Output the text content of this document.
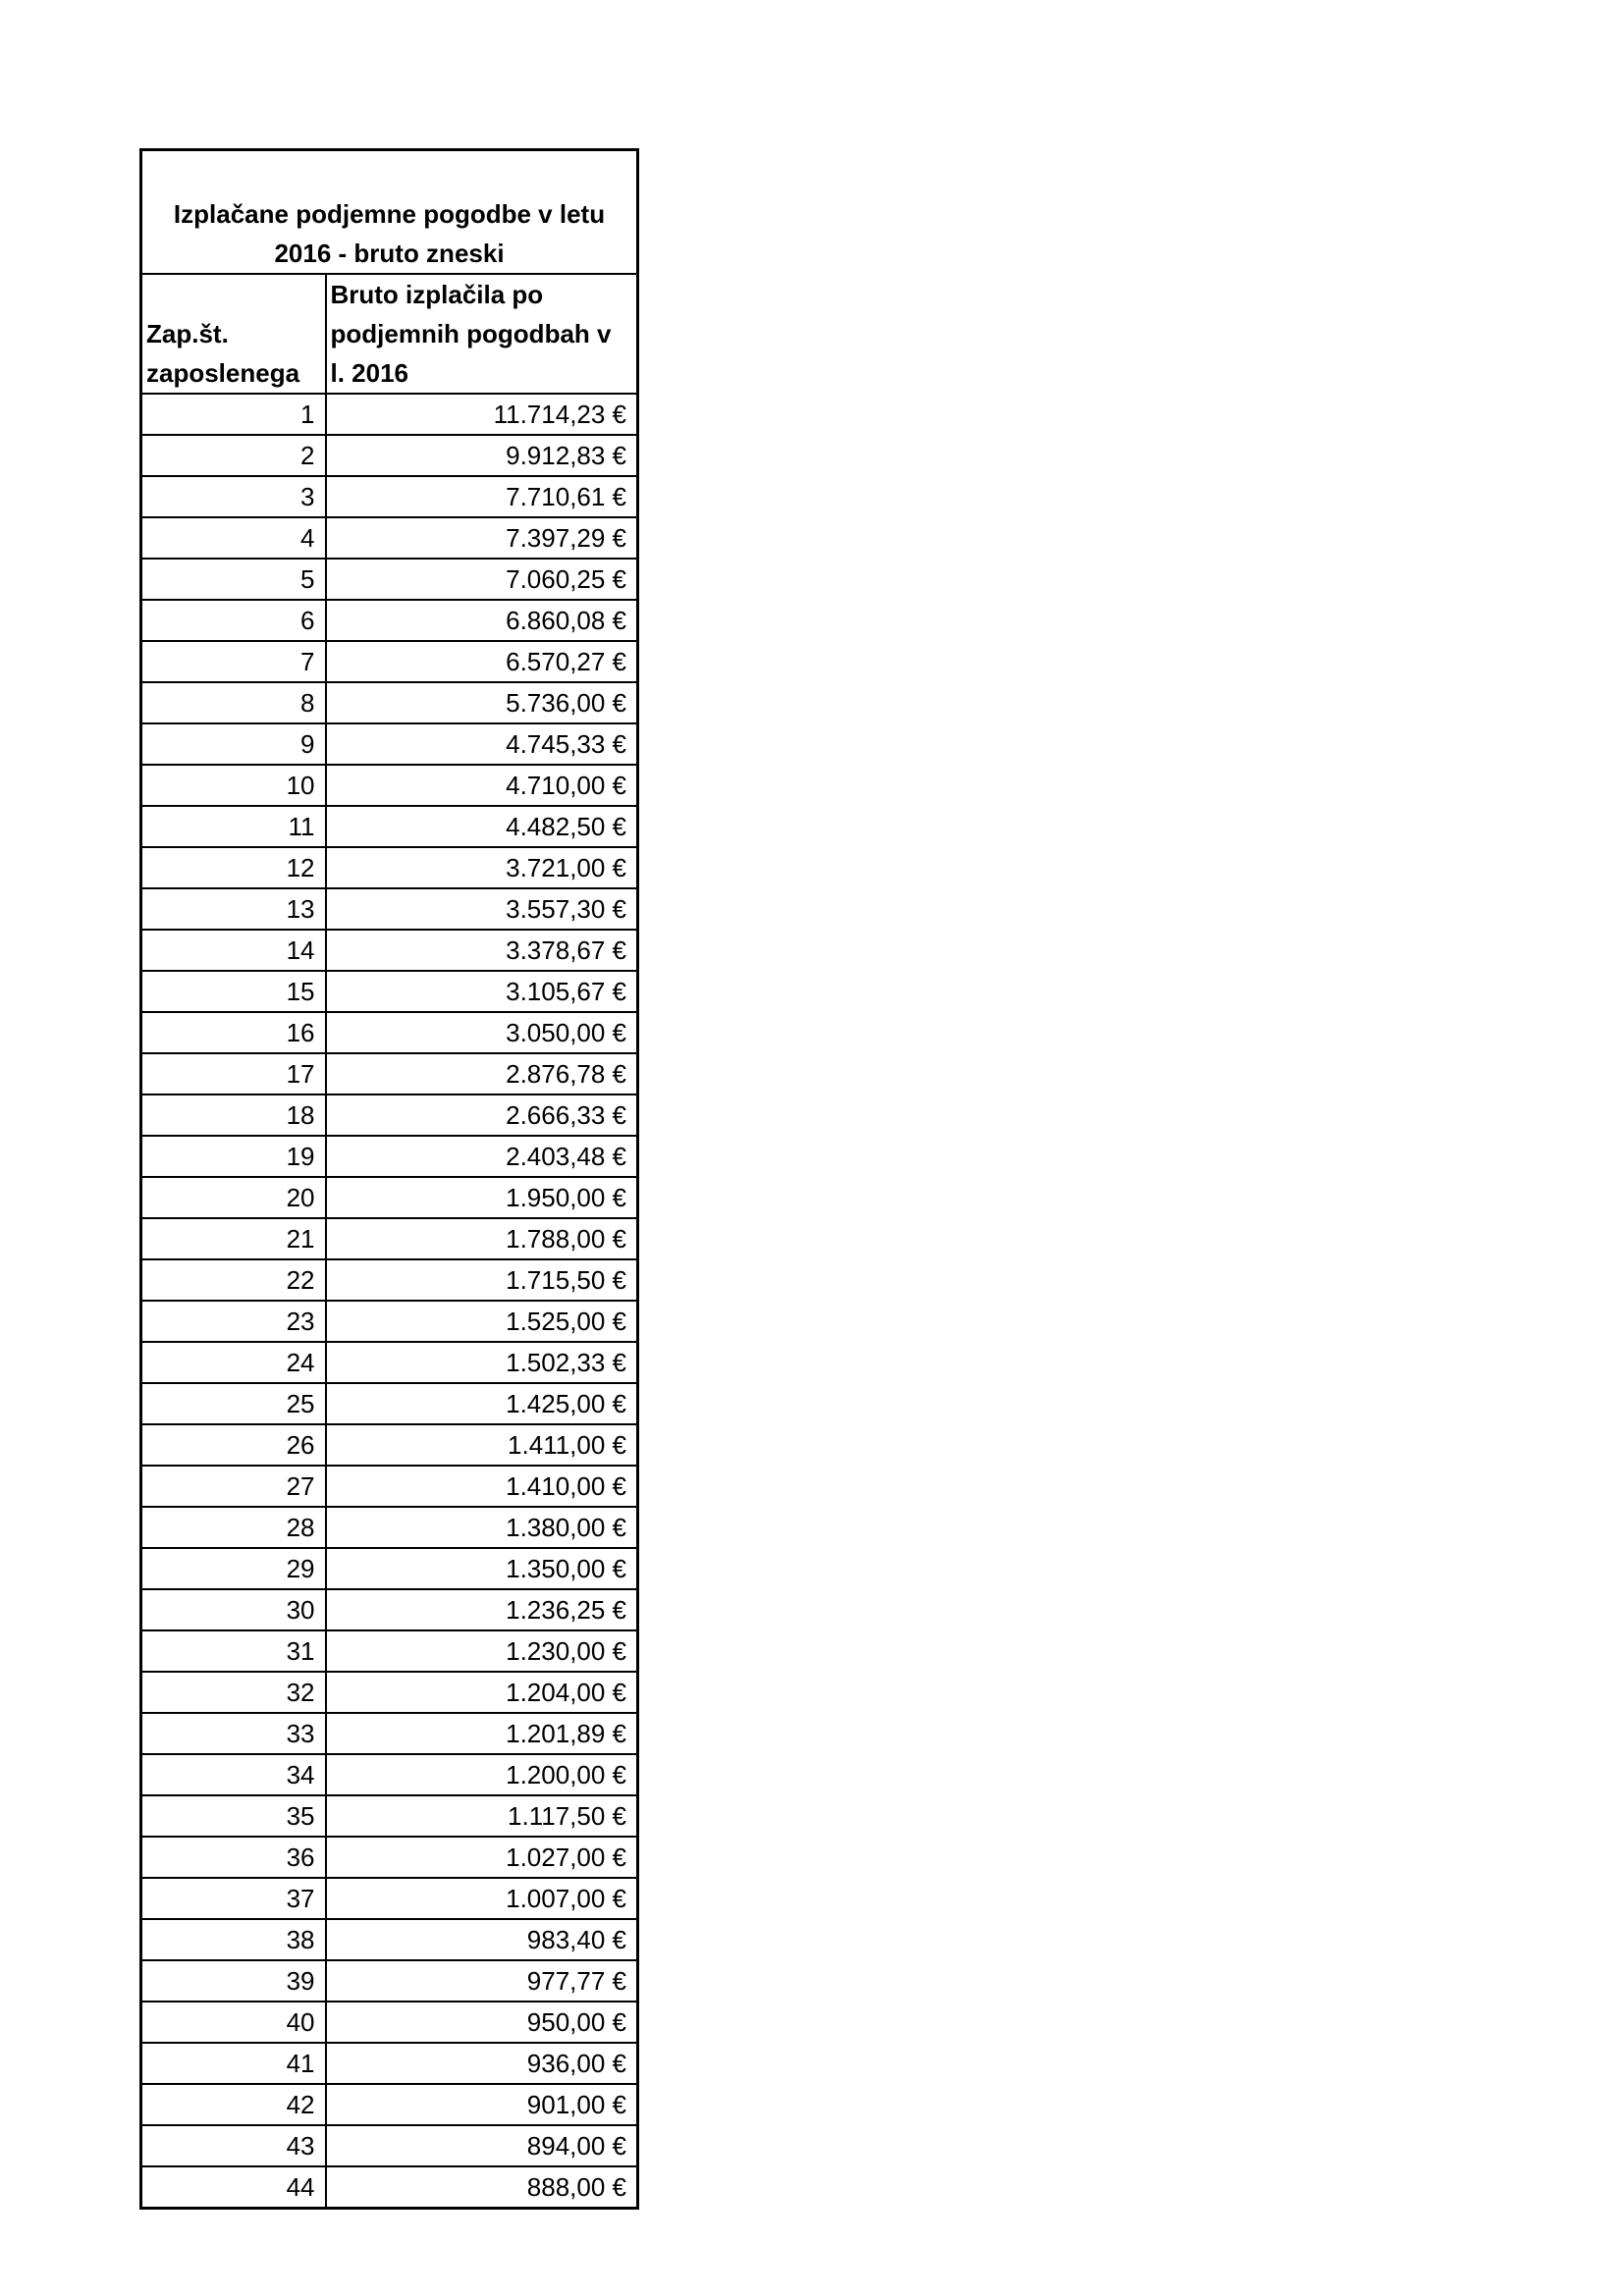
Izplačane podjemne pogodbe v letu
2016 - bruto zneski	

Zap.št.
zaposlenega	Bruto izplačila po
podjemnih pogodbah v
l. 2016

1	11.714,23 €
2	9.912,83 €
3	7.710,61 €
4	7.397,29 €
5	7.060,25 €
6	6.860,08 €
7	6.570,27 €
8	5.736,00 €
9	4.745,33 €
10	4.710,00 €
11	4.482,50 €
12	3.721,00 €
13	3.557,30 €
14	3.378,67 €
15	3.105,67 €
16	3.050,00 €
17	2.876,78 €
18	2.666,33 €
19	2.403,48 €
20	1.950,00 €
21	1.788,00 €
22	1.715,50 €
23	1.525,00 €
24	1.502,33 €
25	1.425,00 €
26	1.411,00 €
27	1.410,00 €
28	1.380,00 €
29	1.350,00 €
30	1.236,25 €
31	1.230,00 €
32	1.204,00 €
33	1.201,89 €
34	1.200,00 €
35	1.117,50 €
36	1.027,00 €
37	1.007,00 €
38	983,40 €
39	977,77 €
40	950,00 €
41	936,00 €
42	901,00 €
43	894,00 €
44	888,00 €
